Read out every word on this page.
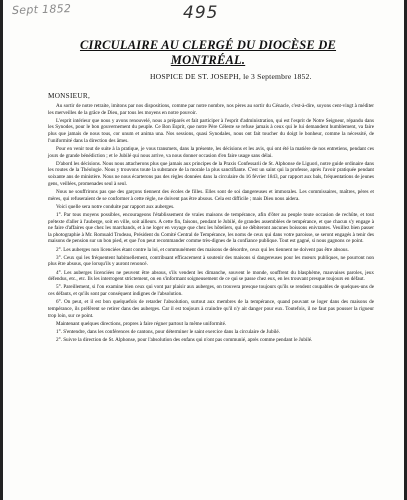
Sept 1852	495
CIRCULAIRE AU CLERGÉ DU DIOCÈSE DE MONTRÉAL.
HOSPICE DE ST. JOSEPH, le 3 Septembre 1852.
MONSIEUR,

Au sortir de notre retraite, imitons par nos dispositions, comme par notre nombre, nos pères au sortir du Cénacle, c'est-à-dire, soyons cent-vingt à méditer les merveilles de la grâce de Dieu, par tous les moyens en notre pouvoir.

L'esprit intérieur que nous y avons renouvelé, nous a préparés et fait participer à l'esprit d'administration, qui est l'esprit de Notre Seigneur, répandu dans les Synodes, pour le bon gouvernement du peuple. Ce Bon Esprit, que notre Père Céleste se refuse jamais à ceux qui le lui demandent humblement, va faire plus que jamais de nous tous, cor unum et anima una. Nos sessions, quasi Synodales, nous ont fait toucher du doigt le bonheur, comme la nécessité, de l'uniformité dans la direction des âmes.

Pour en venir tout de suite à la pratique, je vous transmets, dans la présente, les décisions et les avis, qui ont été la matière de nos entretiens, pendant ces jours de grande bénédiction ; et le Jubilé qui nous arrive, va nous donner occasion d'en faire usage sans délai.

D'abord les décisions. Nous nous attacherons plus que jamais aux principes de la Praxis Confessarii de St. Alphonse de Liguori, notre guide ordinaire dans les routes de la Théologie. Nous y trouvons toute la substance de la morale la plus sanctifiante. C'est un saint qui la professe, après l'avoir pratiquée pendant soixante ans de ministère. Nous ne nous écarterons pas des règles données dans la circulaire du 16 février 1843, par rapport aux bals, fréquentations de jeunes gens, veillées, promenades seul à seul.

Nous ne souffrirons pas que des garçons tiennent des écoles de filles. Elles sont de soi dangereuses et immorales. Les commissaires, maîtres, pères et mères, qui refuseraient de se conformer à cette règle, ne doivent pas être absous. Cela est difficile ; mais Dieu nous aidera.

Voici quelle sera notre conduite par rapport aux auberges.

1°. Par tous moyens possibles, encourageons l'établissement de vraies maisons de tempérance, afin d'ôter au peuple toute occasion de rechûte, et tout prétexte d'aller à l'auberge, soit en ville, soit ailleurs. A cette fin, faisons, pendant le Jubilé, de grandes assemblées de tempérance, et que chacun s'y engage à ne faire d'affaires que chez les marchands, et à ne loger en voyage que chez les hôteliers, qui ne débiteront aucunes boissons enivrantes. Veuillez bien passer la photographie à Mr. Romuald Trudeau, Président du Comité Central de Tempérance, les noms de ceux qui dans votre paroisse, se seront engagés à tenir des maisons de pension sur un bon pied, et que l'on peut recommander comme très-dignes de la confiance publique. Tout est gagné, si nous gagnons ce point.

2°. Les auberges non licenciées étant contre la loi, et communément des maisons de désordre, ceux qui les tiennent ne doivent pas être absous.

3°. Ceux qui les fréquentent habituellement, contribuant efficacement à soutenir des maisons si dangereuses pour les mœurs publiques, ne pourront non plus être absous, que lorsqu'ils y auront renoncé.

4°. Les auberges licenciées ne peuvent être absous, s'ils vendent les dimanche, souvent le monde, souffrent du blasphème, mauvaises paroles, jeux défendus, etc., etc. Ils les interrogent strictement, on en s'informant soigneusement de ce qui se passe chez eux, en les trouvant presque toujours en défaut.

5°. Pareillement, si l'on examine bien ceux qui vont par plaisir aux auberges, on trouvera presque toujours qu'ils se rendent coupables de quelques-uns de ces défauts, et qu'ils sont par conséquent indignes de l'absolution.

6°. On peut, et il est bon quelquefois de retarder l'absolution, surtout aux membres de la tempérance, quand pouvant se loger dans des maisons de tempérance, ils préfèrent se retirer dans des auberges. Car il est toujours à craindre qu'il n'y ait danger pour eux. Toutefois, il ne faut pas pousser la rigueur trop loin, sur ce point.

Maintenant quelques directions, propres à faire régner partout la même uniformité.

1°. S'entendre, dans les conférences de cantons, pour déterminer le saint exercice dans la circulaire de Jubilé.

2°. Suivre la direction de St. Alphonse, pour l'absolution des enfans qui n'ont pas communié, après comme pendant le Jubilé.
